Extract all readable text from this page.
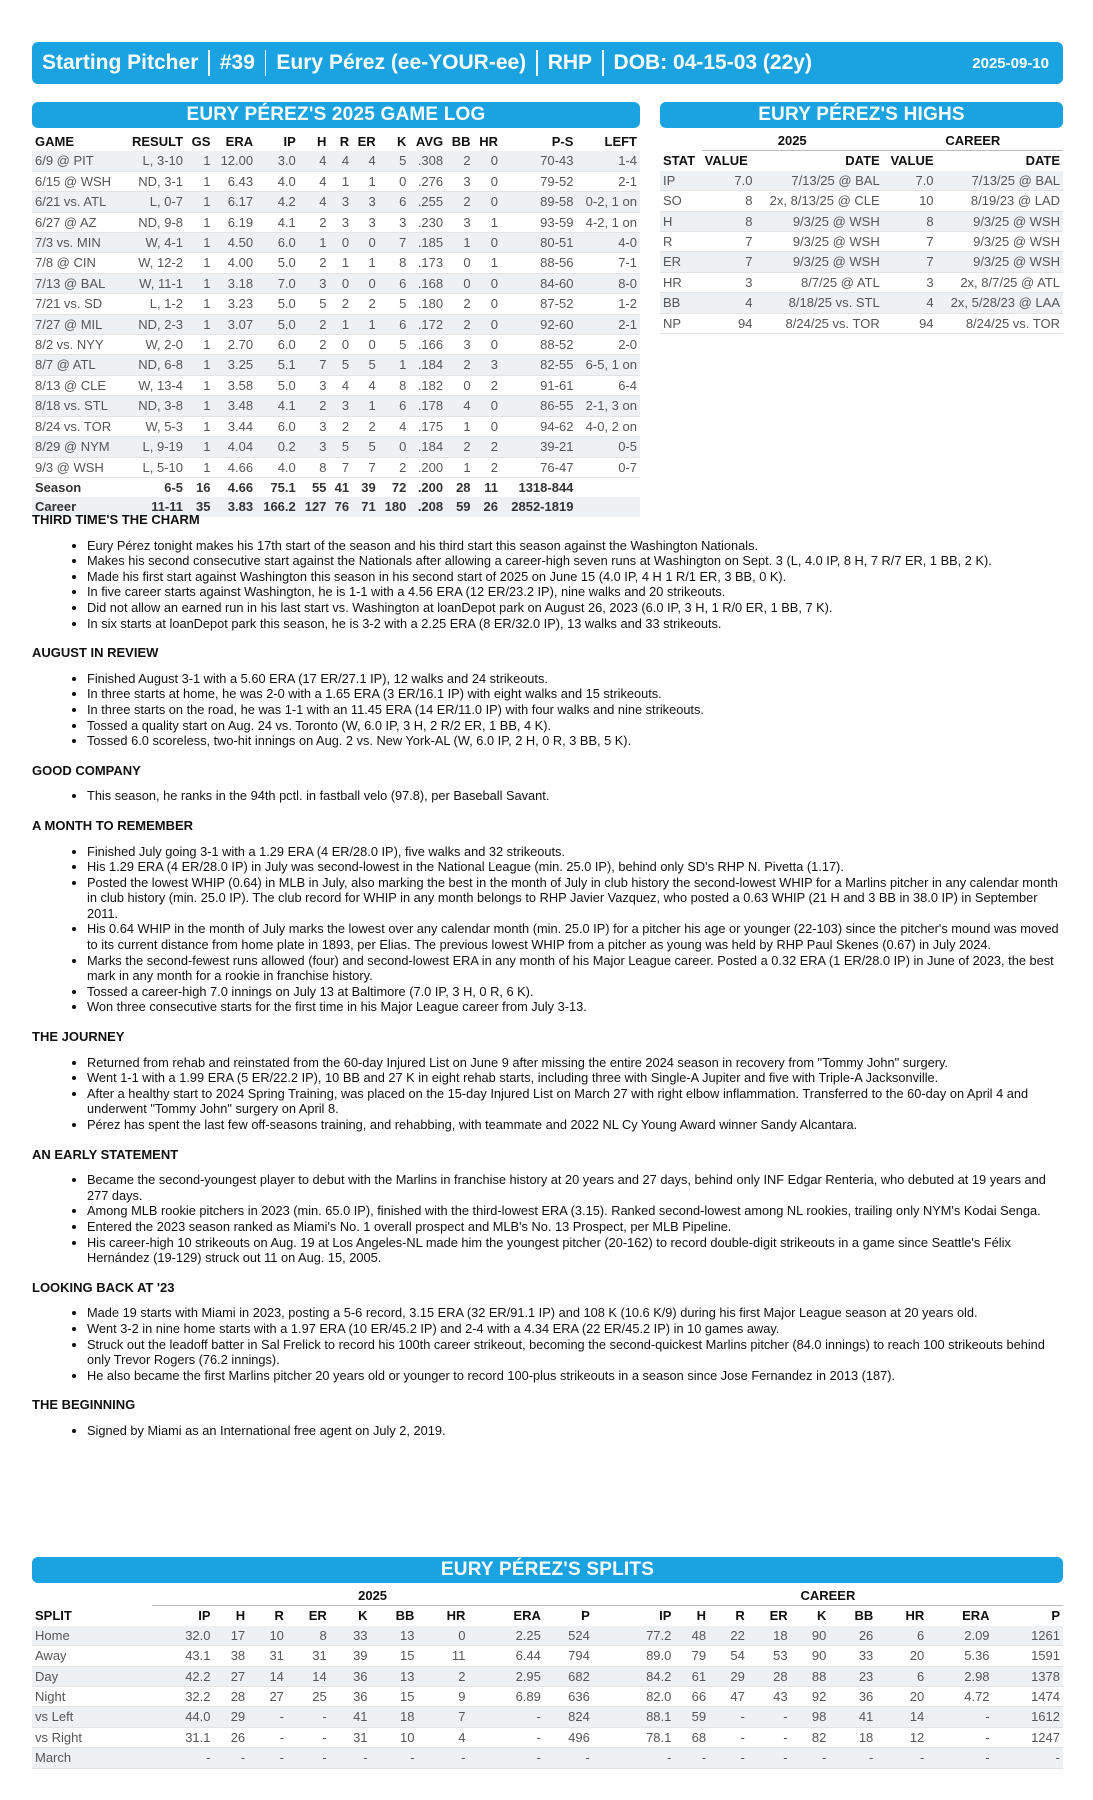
Starting Pitcher	#39	Eury Pérez (ee-YOUR-ee)	RHP	DOB: 04-15-03 (22y)	2025-09-10
EURY PÉREZ'S 2025 GAME LOG	EURY PÉREZ'S HIGHS
GAME	RESULT	GS	ERA	IP	H	R	ER	K	AVG	BB	HR	P-S	LEFT
6/9 @ PIT	L, 3-10	1	12.00	3.0	4	4	4	5	.308	2	0	70-43	1-4
6/15 @ WSH	ND, 3-1	1	6.43	4.0	4	1	1	0	.276	3	0	79-52	2-1
6/21 vs. ATL	L, 0-7	1	6.17	4.2	4	3	3	6	.255	2	0	89-58	0-2, 1 on
6/27 @ AZ	ND, 9-8	1	6.19	4.1	2	3	3	3	.230	3	1	93-59	4-2, 1 on
7/3 vs. MIN	W, 4-1	1	4.50	6.0	1	0	0	7	.185	1	0	80-51	4-0
7/8 @ CIN	W, 12-2	1	4.00	5.0	2	1	1	8	.173	0	1	88-56	7-1
7/13 @ BAL	W, 11-1	1	3.18	7.0	3	0	0	6	.168	0	0	84-60	8-0
7/21 vs. SD	L, 1-2	1	3.23	5.0	5	2	2	5	.180	2	0	87-52	1-2
7/27 @ MIL	ND, 2-3	1	3.07	5.0	2	1	1	6	.172	2	0	92-60	2-1
8/2 vs. NYY	W, 2-0	1	2.70	6.0	2	0	0	5	.166	3	0	88-52	2-0
8/7 @ ATL	ND, 6-8	1	3.25	5.1	7	5	5	1	.184	2	3	82-55	6-5, 1 on
8/13 @ CLE	W, 13-4	1	3.58	5.0	3	4	4	8	.182	0	2	91-61	6-4
8/18 vs. STL	ND, 3-8	1	3.48	4.1	2	3	1	6	.178	4	0	86-55	2-1, 3 on
8/24 vs. TOR	W, 5-3	1	3.44	6.0	3	2	2	4	.175	1	0	94-62	4-0, 2 on
8/29 @ NYM	L, 9-19	1	4.04	0.2	3	5	5	0	.184	2	2	39-21	0-5
9/3 @ WSH	L, 5-10	1	4.66	4.0	8	7	7	2	.200	1	2	76-47	0-7
Season	6-5	16	4.66	75.1	55	41	39	72	.200	28	11	1318-844	
Career	11-11	35	3.83	166.2	127	76	71	180	.208	59	26	2852-1819	
	2025		CAREER	
STAT	VALUE	DATE	VALUE	DATE
IP	7.0	7/13/25 @ BAL	7.0	7/13/25 @ BAL
SO	8	2x, 8/13/25 @ CLE	10	8/19/23 @ LAD
H	8	9/3/25 @ WSH	8	9/3/25 @ WSH
R	7	9/3/25 @ WSH	7	9/3/25 @ WSH
ER	7	9/3/25 @ WSH	7	9/3/25 @ WSH
HR	3	8/7/25 @ ATL	3	2x, 8/7/25 @ ATL
BB	4	8/18/25 vs. STL	4	2x, 5/28/23 @ LAA
NP	94	8/24/25 vs. TOR	94	8/24/25 vs. TOR
THIRD TIME'S THE CHARM
• Eury Pérez tonight makes his 17th start of the season and his third start this season against the Washington Nationals.
• Makes his second consecutive start against the Nationals after allowing a career-high seven runs at Washington on Sept. 3 (L, 4.0 IP, 8 H, 7 R/7 ER, 1 BB, 2 K).
• Made his first start against Washington this season in his second start of 2025 on June 15 (4.0 IP, 4 H 1 R/1 ER, 3 BB, 0 K).
• In five career starts against Washington, he is 1-1 with a 4.56 ERA (12 ER/23.2 IP), nine walks and 20 strikeouts.
• Did not allow an earned run in his last start vs. Washington at loanDepot park on August 26, 2023 (6.0 IP, 3 H, 1 R/0 ER, 1 BB, 7 K).
• In six starts at loanDepot park this season, he is 3-2 with a 2.25 ERA (8 ER/32.0 IP), 13 walks and 33 strikeouts.
AUGUST IN REVIEW
• Finished August 3-1 with a 5.60 ERA (17 ER/27.1 IP), 12 walks and 24 strikeouts.
• In three starts at home, he was 2-0 with a 1.65 ERA (3 ER/16.1 IP) with eight walks and 15 strikeouts.
• In three starts on the road, he was 1-1 with an 11.45 ERA (14 ER/11.0 IP) with four walks and nine strikeouts.
• Tossed a quality start on Aug. 24 vs. Toronto (W, 6.0 IP, 3 H, 2 R/2 ER, 1 BB, 4 K).
• Tossed 6.0 scoreless, two-hit innings on Aug. 2 vs. New York-AL (W, 6.0 IP, 2 H, 0 R, 3 BB, 5 K).
GOOD COMPANY
• This season, he ranks in the 94th pctl. in fastball velo (97.8), per Baseball Savant.
A MONTH TO REMEMBER
• Finished July going 3-1 with a 1.29 ERA (4 ER/28.0 IP), five walks and 32 strikeouts.
• His 1.29 ERA (4 ER/28.0 IP) in July was second-lowest in the National League (min. 25.0 IP), behind only SD's RHP N. Pivetta (1.17).
• Posted the lowest WHIP (0.64) in MLB in July, also marking the best in the month of July in club history the second-lowest WHIP for a Marlins pitcher in any calendar month in club history (min. 25.0 IP). The club record for WHIP in any month belongs to RHP Javier Vazquez, who posted a 0.63 WHIP (21 H and 3 BB in 38.0 IP) in September 2011.
• His 0.64 WHIP in the month of July marks the lowest over any calendar month (min. 25.0 IP) for a pitcher his age or younger (22-103) since the pitcher's mound was moved to its current distance from home plate in 1893, per Elias. The previous lowest WHIP from a pitcher as young was held by RHP Paul Skenes (0.67) in July 2024.
• Marks the second-fewest runs allowed (four) and second-lowest ERA in any month of his Major League career. Posted a 0.32 ERA (1 ER/28.0 IP) in June of 2023, the best mark in any month for a rookie in franchise history.
• Tossed a career-high 7.0 innings on July 13 at Baltimore (7.0 IP, 3 H, 0 R, 6 K).
• Won three consecutive starts for the first time in his Major League career from July 3-13.
THE JOURNEY
• Returned from rehab and reinstated from the 60-day Injured List on June 9 after missing the entire 2024 season in recovery from "Tommy John" surgery.
• Went 1-1 with a 1.99 ERA (5 ER/22.2 IP), 10 BB and 27 K in eight rehab starts, including three with Single-A Jupiter and five with Triple-A Jacksonville.
• After a healthy start to 2024 Spring Training, was placed on the 15-day Injured List on March 27 with right elbow inflammation. Transferred to the 60-day on April 4 and underwent "Tommy John" surgery on April 8.
• Pérez has spent the last few off-seasons training, and rehabbing, with teammate and 2022 NL Cy Young Award winner Sandy Alcantara.
AN EARLY STATEMENT
• Became the second-youngest player to debut with the Marlins in franchise history at 20 years and 27 days, behind only INF Edgar Renteria, who debuted at 19 years and 277 days.
• Among MLB rookie pitchers in 2023 (min. 65.0 IP), finished with the third-lowest ERA (3.15). Ranked second-lowest among NL rookies, trailing only NYM's Kodai Senga.
• Entered the 2023 season ranked as Miami's No. 1 overall prospect and MLB's No. 13 Prospect, per MLB Pipeline.
• His career-high 10 strikeouts on Aug. 19 at Los Angeles-NL made him the youngest pitcher (20-162) to record double-digit strikeouts in a game since Seattle's Félix Hernández (19-129) struck out 11 on Aug. 15, 2005.
LOOKING BACK AT '23
• Made 19 starts with Miami in 2023, posting a 5-6 record, 3.15 ERA (32 ER/91.1 IP) and 108 K (10.6 K/9) during his first Major League season at 20 years old.
• Went 3-2 in nine home starts with a 1.97 ERA (10 ER/45.2 IP) and 2-4 with a 4.34 ERA (22 ER/45.2 IP) in 10 games away.
• Struck out the leadoff batter in Sal Frelick to record his 100th career strikeout, becoming the second-quickest Marlins pitcher (84.0 innings) to reach 100 strikeouts behind only Trevor Rogers (76.2 innings).
• He also became the first Marlins pitcher 20 years old or younger to record 100-plus strikeouts in a season since Jose Fernandez in 2013 (187).
THE BEGINNING
• Signed by Miami as an International free agent on July 2, 2019.
EURY PÉREZ'S SPLITS
	2025									CAREER								
SPLIT	IP	H	R	ER	K	BB	HR	ERA	P	IP	H	R	ER	K	BB	HR	ERA	P
Home	32.0	17	10	8	33	13	0	2.25	524	77.2	48	22	18	90	26	6	2.09	1261
Away	43.1	38	31	31	39	15	11	6.44	794	89.0	79	54	53	90	33	20	5.36	1591
Day	42.2	27	14	14	36	13	2	2.95	682	84.2	61	29	28	88	23	6	2.98	1378
Night	32.2	28	27	25	36	15	9	6.89	636	82.0	66	47	43	92	36	20	4.72	1474
vs Left	44.0	29	-	-	41	18	7	-	824	88.1	59	-	-	98	41	14	-	1612
vs Right	31.1	26	-	-	31	10	4	-	496	78.1	68	-	-	82	18	12	-	1247
March	-	-	-	-	-	-	-	-	-	-	-	-	-	-	-	-	-	-
